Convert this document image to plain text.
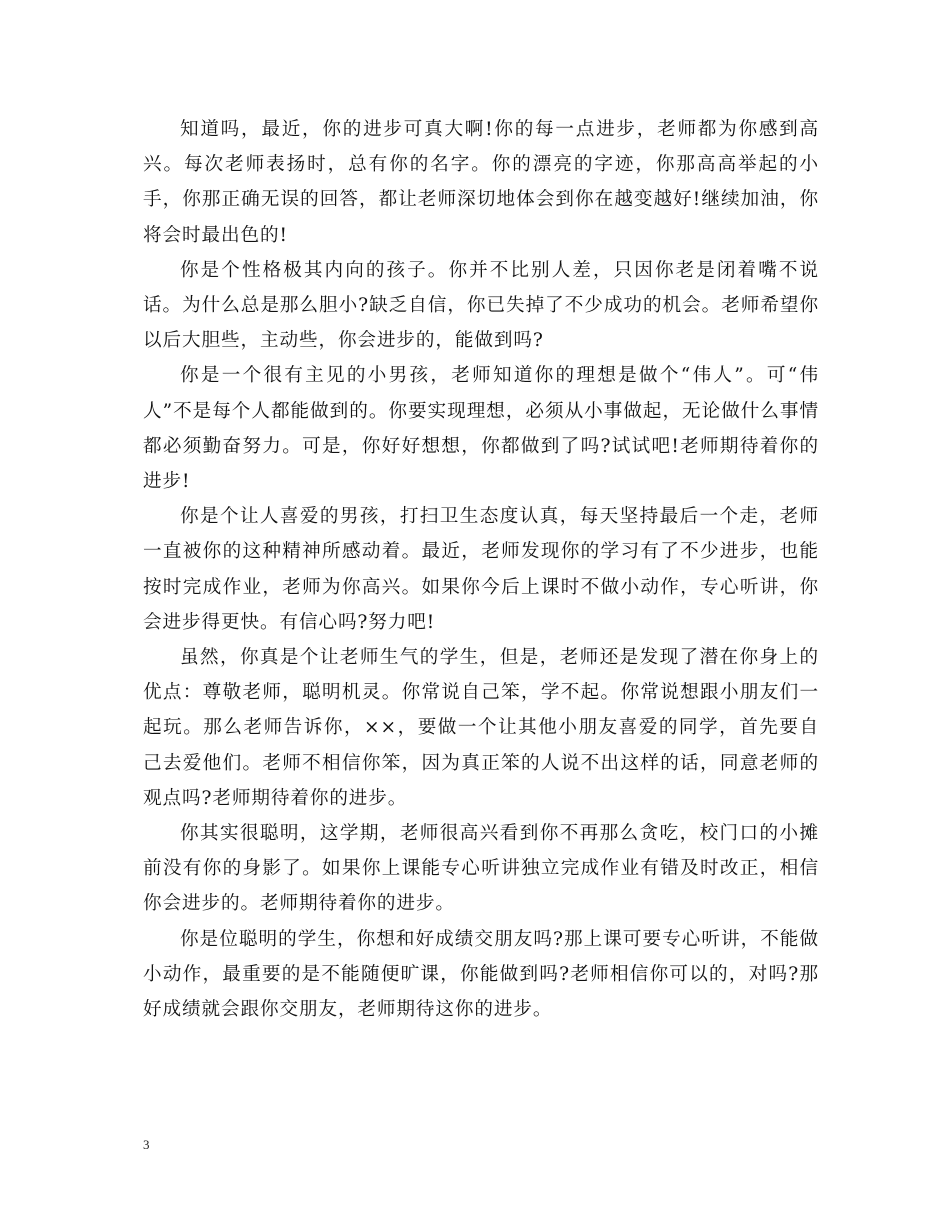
知道吗，最近，你的进步可真大啊!你的每一点进步，老师都为你感到高兴。每次老师表扬时，总有你的名字。你的漂亮的字迹，你那高高举起的小手，你那正确无误的回答，都让老师深切地体会到你在越变越好!继续加油，你将会时最出色的!

你是个性格极其内向的孩子。你并不比别人差，只因你老是闭着嘴不说话。为什么总是那么胆小?缺乏自信，你已失掉了不少成功的机会。老师希望你以后大胆些，主动些，你会进步的，能做到吗?

你是一个很有主见的小男孩，老师知道你的理想是做个“伟人”。可“伟人”不是每个人都能做到的。你要实现理想，必须从小事做起，无论做什么事情都必须勤奋努力。可是，你好好想想，你都做到了吗?试试吧!老师期待着你的进步!

你是个让人喜爱的男孩，打扫卫生态度认真，每天坚持最后一个走，老师一直被你的这种精神所感动着。最近，老师发现你的学习有了不少进步，也能按时完成作业，老师为你高兴。如果你今后上课时不做小动作，专心听讲，你会进步得更快。有信心吗?努力吧!

虽然，你真是个让老师生气的学生，但是，老师还是发现了潜在你身上的优点：尊敬老师，聪明机灵。你常说自己笨，学不起。你常说想跟小朋友们一起玩。那么老师告诉你，××，要做一个让其他小朋友喜爱的同学，首先要自己去爱他们。老师不相信你笨，因为真正笨的人说不出这样的话，同意老师的观点吗?老师期待着你的进步。

你其实很聪明，这学期，老师很高兴看到你不再那么贪吃，校门口的小摊前没有你的身影了。如果你上课能专心听讲独立完成作业有错及时改正，相信你会进步的。老师期待着你的进步。

你是位聪明的学生，你想和好成绩交朋友吗?那上课可要专心听讲，不能做小动作，最重要的是不能随便旷课，你能做到吗?老师相信你可以的，对吗?那好成绩就会跟你交朋友，老师期待这你的进步。

3
